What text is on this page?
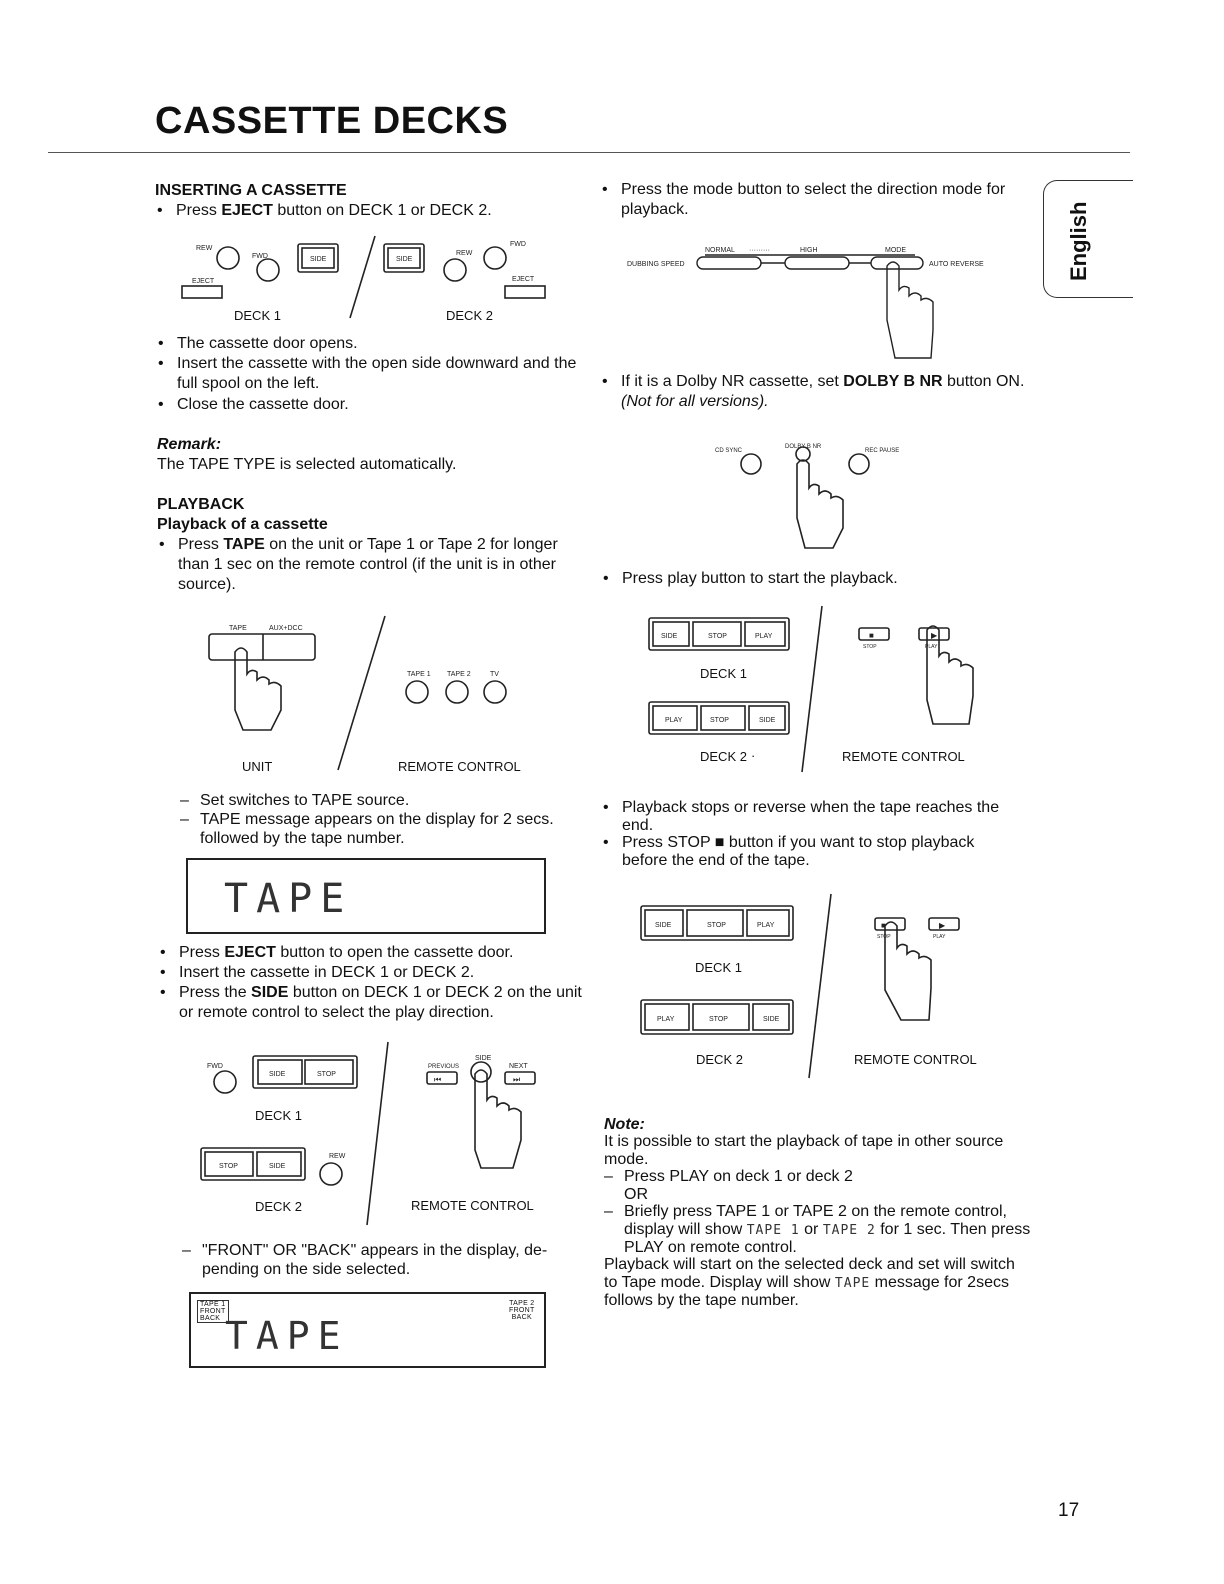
CASSETTE DECKS
English
INSERTING A CASSETTE
• Press EJECT button on DECK 1 or DECK 2.
REW
FWD
EJECT
SIDE	SIDE
REW
FWD
EJECT
DECK 1	DECK 2
• The cassette door opens.
• Insert the cassette with the open side downward and the
full spool on the left.
• Close the cassette door.
Remark:
The TAPE TYPE is selected automatically.
PLAYBACK
Playback of a cassette
• Press TAPE on the unit or Tape 1 or Tape 2 for longer
than 1 sec on the remote control (if the unit is in other
source).
TAPE	AUX+DCC
TAPE 1 TAPE 2	TV
UNIT	REMOTE CONTROL
– Set switches to TAPE source.
– TAPE message appears on the display for 2 secs.
followed by the tape number.
TAPE
• Press EJECT button to open the cassette door.
• Insert the cassette in DECK 1 or DECK 2.
• Press the SIDE button on DECK 1 or DECK 2 on the unit
or remote control to select the play direction.
FWD
SIDE	STOP
STOP	SIDE
REW
PREVIOUS
SIDE
NEXT
⏮	⏭
DECK 1
DECK 2	REMOTE CONTROL
– "FRONT" OR "BACK" appears in the display, de-
pending on the side selected.
TAPE 1
FRONT
BACK
TAPE 2
FRONT
BACK
TAPE
• Press the mode button to select the direction mode for
playback.
DUBBING SPEED
NORMAL ·········	HIGH	MODE
AUTO REVERSE
• If it is a Dolby NR cassette, set DOLBY B NR button ON.
(Not for all versions).
CD SYNC
DOLBY B NR
REC PAUSE
• Press play button to start the playback.
SIDE	STOP	PLAY
PLAY	STOP	SIDE
STOP	PLAY
■	▶
DECK 1
DECK 2 ·	REMOTE CONTROL
• Playback stops or reverse when the tape reaches the
end.
• Press STOP ■ button if you want to stop playback
before the end of the tape.
SIDE	STOP	PLAY
PLAY	STOP	SIDE
STOP	PLAY
■	▶
DECK 1
DECK 2	REMOTE CONTROL
Note:
It is possible to start the playback of tape in other source
mode.
– Press PLAY on deck 1 or deck 2
OR
– Briefly press TAPE 1 or TAPE 2 on the remote control,
display will show TAPE 1 or TAPE 2 for 1 sec. Then press
PLAY on remote control.
Playback will start on the selected deck and set will switch
to Tape mode. Display will show TAPE message for 2secs
follows by the tape number.
17
